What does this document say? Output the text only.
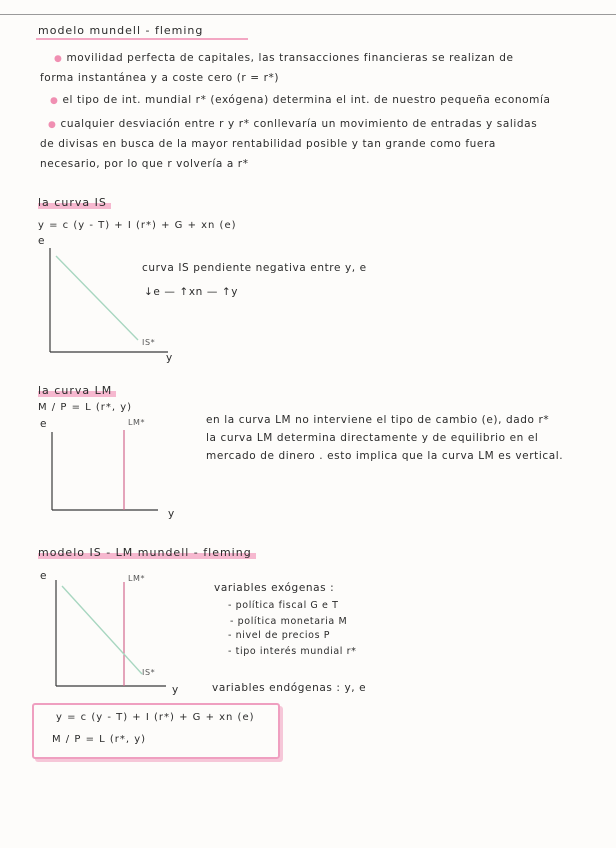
modelo mundell - fleming
● movilidad perfecta de capitales, las transacciones financieras se realizan de
forma instantánea y a coste cero (r = r*)
● el tipo de int. mundial r* (exógena) determina el int. de nuestro pequeña economía
● cualquier desviación entre r y r* conllevaría un movimiento de entradas y salidas
de divisas en busca de la mayor rentabilidad posible y tan grande como fuera
necesario, por lo que r volvería a r*
la curva IS
y = c (y - T) + I (r*) + G + xn (e)
e
IS*
y
curva IS pendiente negativa entre y, e
↓e — ↑xn — ↑y
la curva LM
M / P = L (r*, y)
e	LM*
y
en la curva LM no interviene el tipo de cambio (e), dado r*
la curva LM determina directamente y de equilibrio en el
mercado de dinero . esto implica que la curva LM es vertical.
modelo IS - LM mundell - fleming
e	LM*
IS*
y
variables exógenas :
- política fiscal G e T
- política monetaria M
- nivel de precios P
- tipo interés mundial r*
variables endógenas : y, e
y = c (y - T) + I (r*) + G + xn (e)
M / P = L (r*, y)
